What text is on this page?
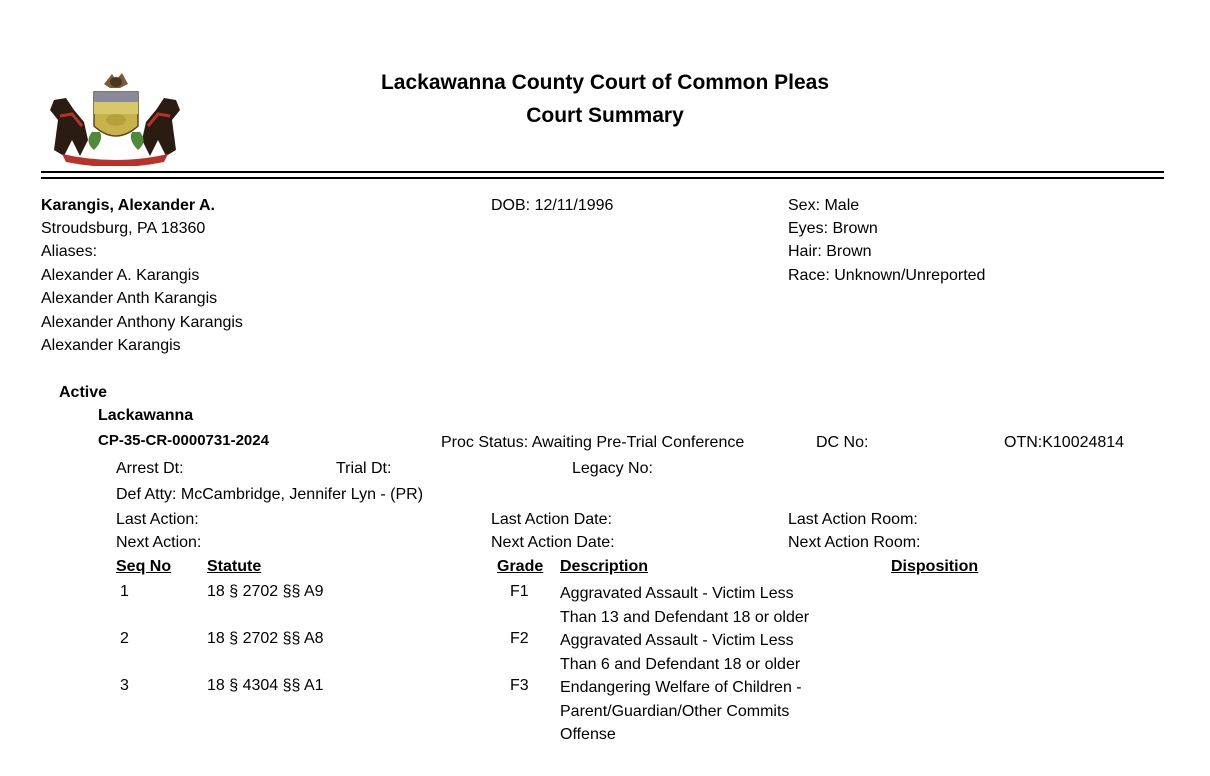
Lackawanna County Court of Common Pleas
Court Summary
Karangis, Alexander A.
Stroudsburg, PA 18360
Aliases:
Alexander A. Karangis
Alexander Anth Karangis
Alexander Anthony Karangis
Alexander Karangis
DOB: 12/11/1996	Sex: Male
Eyes: Brown
Hair: Brown
Race: Unknown/Unreported
Active
Lackawanna
CP-35-CR-0000731-2024	Proc Status: Awaiting Pre-Trial Conference	DC No:	OTN:K10024814
Arrest Dt:	Trial Dt:	Legacy No:
Def Atty: McCambridge, Jennifer Lyn - (PR)
Last Action:	Last Action Date:	Last Action Room:
Next Action:	Next Action Date:	Next Action Room:
Seq No Statute	Grade Description	Disposition
1	18 § 2702 §§ A9	F1 Aggravated Assault - Victim Less
Than 13 and Defendant 18 or older
2	18 § 2702 §§ A8	F2 Aggravated Assault - Victim Less
Than 6 and Defendant 18 or older
3	18 § 4304 §§ A1	F3 Endangering Welfare of Children -
Parent/Guardian/Other Commits
Offense
